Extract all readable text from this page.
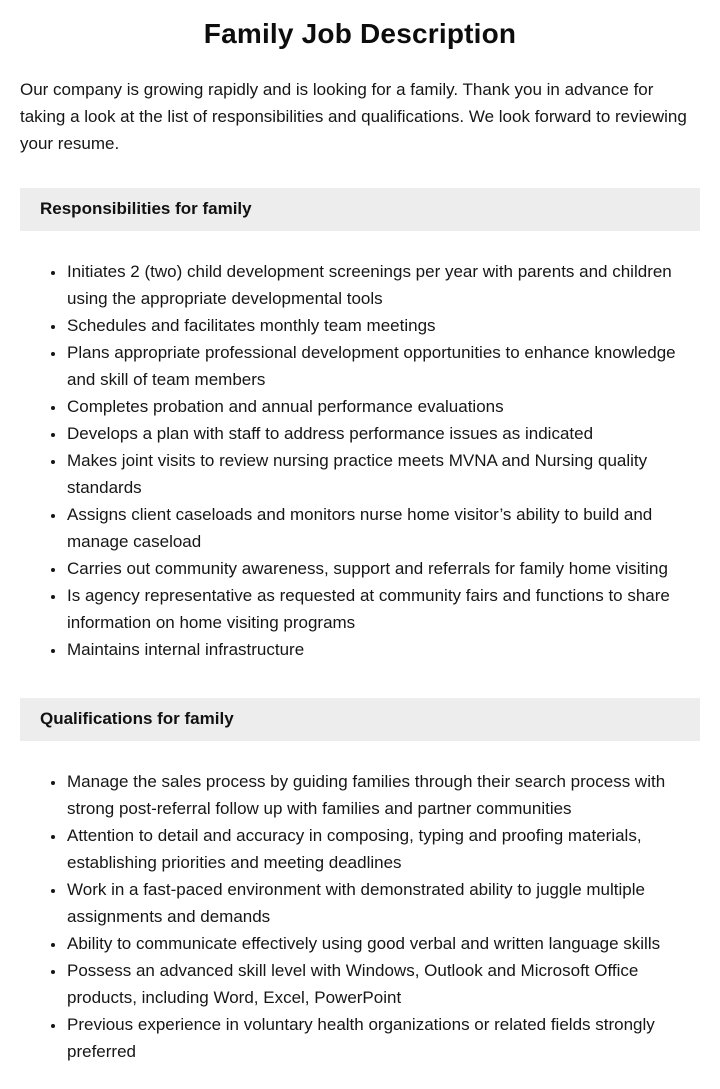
Family Job Description

Our company is growing rapidly and is looking for a family. Thank you in advance for taking a look at the list of responsibilities and qualifications. We look forward to reviewing your resume.

Responsibilities for family
• Initiates 2 (two) child development screenings per year with parents and children using the appropriate developmental tools
• Schedules and facilitates monthly team meetings
• Plans appropriate professional development opportunities to enhance knowledge and skill of team members
• Completes probation and annual performance evaluations
• Develops a plan with staff to address performance issues as indicated
• Makes joint visits to review nursing practice meets MVNA and Nursing quality standards
• Assigns client caseloads and monitors nurse home visitor’s ability to build and manage caseload
• Carries out community awareness, support and referrals for family home visiting
• Is agency representative as requested at community fairs and functions to share information on home visiting programs
• Maintains internal infrastructure
Qualifications for family
• Manage the sales process by guiding families through their search process with strong post-referral follow up with families and partner communities
• Attention to detail and accuracy in composing, typing and proofing materials, establishing priorities and meeting deadlines
• Work in a fast-paced environment with demonstrated ability to juggle multiple assignments and demands
• Ability to communicate effectively using good verbal and written language skills
• Possess an advanced skill level with Windows, Outlook and Microsoft Office products, including Word, Excel, PowerPoint
• Previous experience in voluntary health organizations or related fields strongly preferred
